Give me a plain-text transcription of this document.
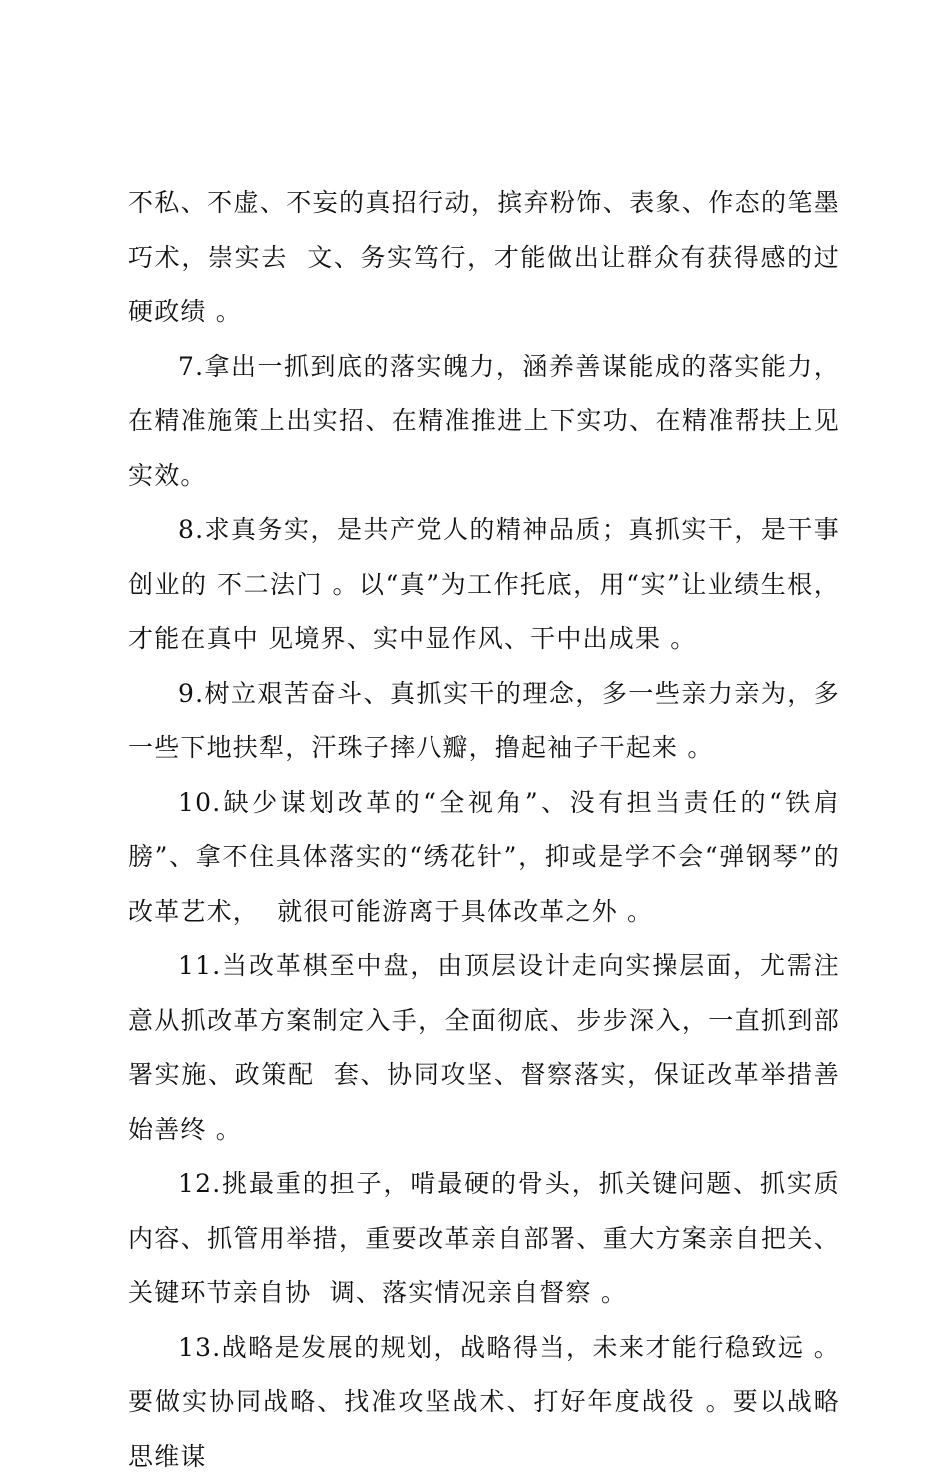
不私、不虚、不妄的真招行动，摈弃粉饰、表象、作态的笔墨巧术，崇实去  文、务实笃行，才能做出让群众有获得感的过硬政绩 。

7.拿出一抓到底的落实魄力，涵养善谋能成的落实能力，在精准施策上出实招、在精准推进上下实功、在精准帮扶上见实效。

8.求真务实，是共产党人的精神品质；真抓实干，是干事创业的 不二法门 。以“真”为工作托底，用“实”让业绩生根，才能在真中 见境界、实中显作风、干中出成果 。

9.树立艰苦奋斗、真抓实干的理念，多一些亲力亲为，多一些下地扶犁，汗珠子摔八瓣，撸起袖子干起来 。

10.缺少谋划改革的“全视角”、没有担当责任的“铁肩膀”、拿不住具体落实的“绣花针”，抑或是学不会“弹钢琴”的改革艺术，  就很可能游离于具体改革之外 。

11.当改革棋至中盘，由顶层设计走向实操层面，尤需注意从抓改革方案制定入手，全面彻底、步步深入，一直抓到部署实施、政策配  套、协同攻坚、督察落实，保证改革举措善始善终 。

12.挑最重的担子，啃最硬的骨头，抓关键问题、抓实质内容、抓管用举措，重要改革亲自部署、重大方案亲自把关、关键环节亲自协  调、落实情况亲自督察 。

13.战略是发展的规划，战略得当，未来才能行稳致远 。要做实协同战略、找准攻坚战术、打好年度战役 。要以战略思维谋
